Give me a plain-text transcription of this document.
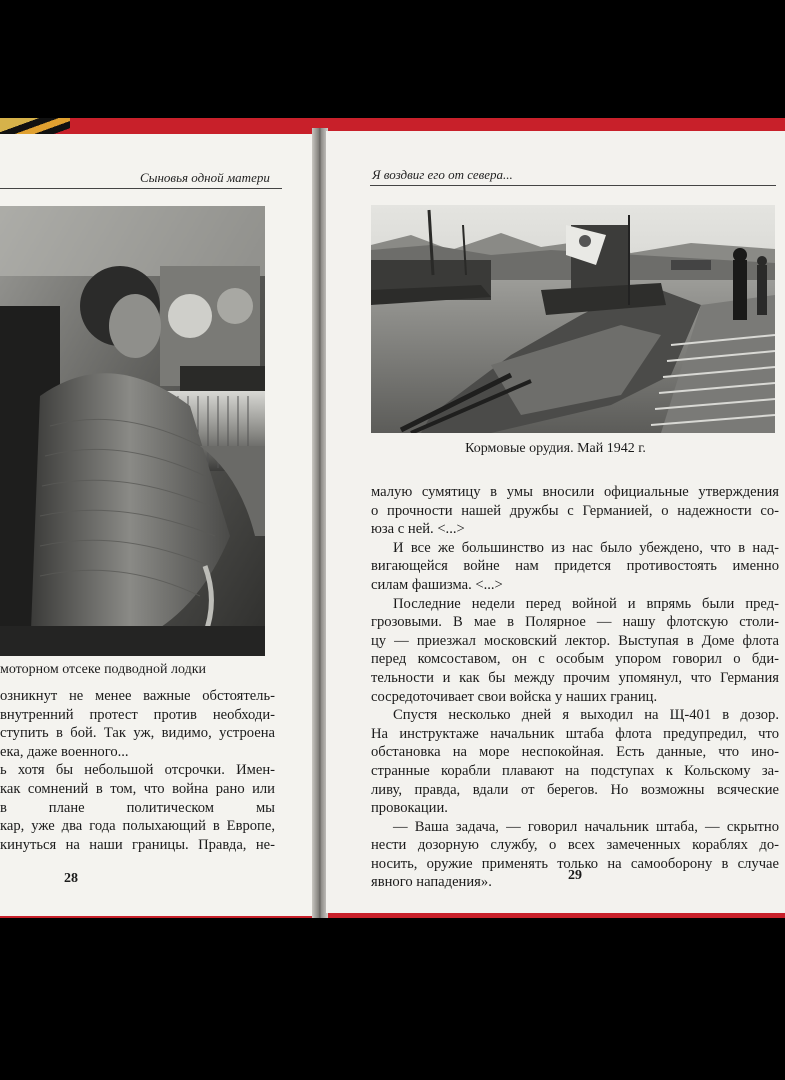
Сыновья одной матери
моторном отсеке подводной лодки
озникнут не менее важные обстоятель-
внутренний протест против необходи-
ступить в бой. Так уж, видимо, устроена
ека, даже военного...
ь хотя бы небольшой отсрочки. Имен-
как сомнений в том, что война рано или
в плане политическом мы
кар, уже два года полыхающий в Европе,
кинуться на наши границы. Правда, не-
28
Я воздвиг его от севера...
Кормовые орудия. Май 1942 г.
малую сумятицу в умы вносили официальные утверждения
о прочности нашей дружбы с Германией, о надежности со-
юза с ней. <...>
И все же большинство из нас было убеждено, что в над-
вигающейся войне нам придется противостоять именно
силам фашизма. <...>
Последние недели перед войной и впрямь были пред-
грозовыми. В мае в Полярное — нашу флотскую столи-
цу — приезжал московский лектор. Выступая в Доме флота
перед комсоставом, он с особым упором говорил о бди-
тельности и как бы между прочим упомянул, что Германия
сосредоточивает свои войска у наших границ.
Спустя несколько дней я выходил на Щ-401 в дозор.
На инструктаже начальник штаба флота предупредил, что
обстановка на море неспокойная. Есть данные, что ино-
странные корабли плавают на подступах к Кольскому за-
ливу, правда, вдали от берегов. Но возможны всяческие
провокации.
— Ваша задача, — говорил начальник штаба, — скрытно
нести дозорную службу, о всех замеченных кораблях до-
носить, оружие применять только на самооборону в случае
явного нападения».	29
